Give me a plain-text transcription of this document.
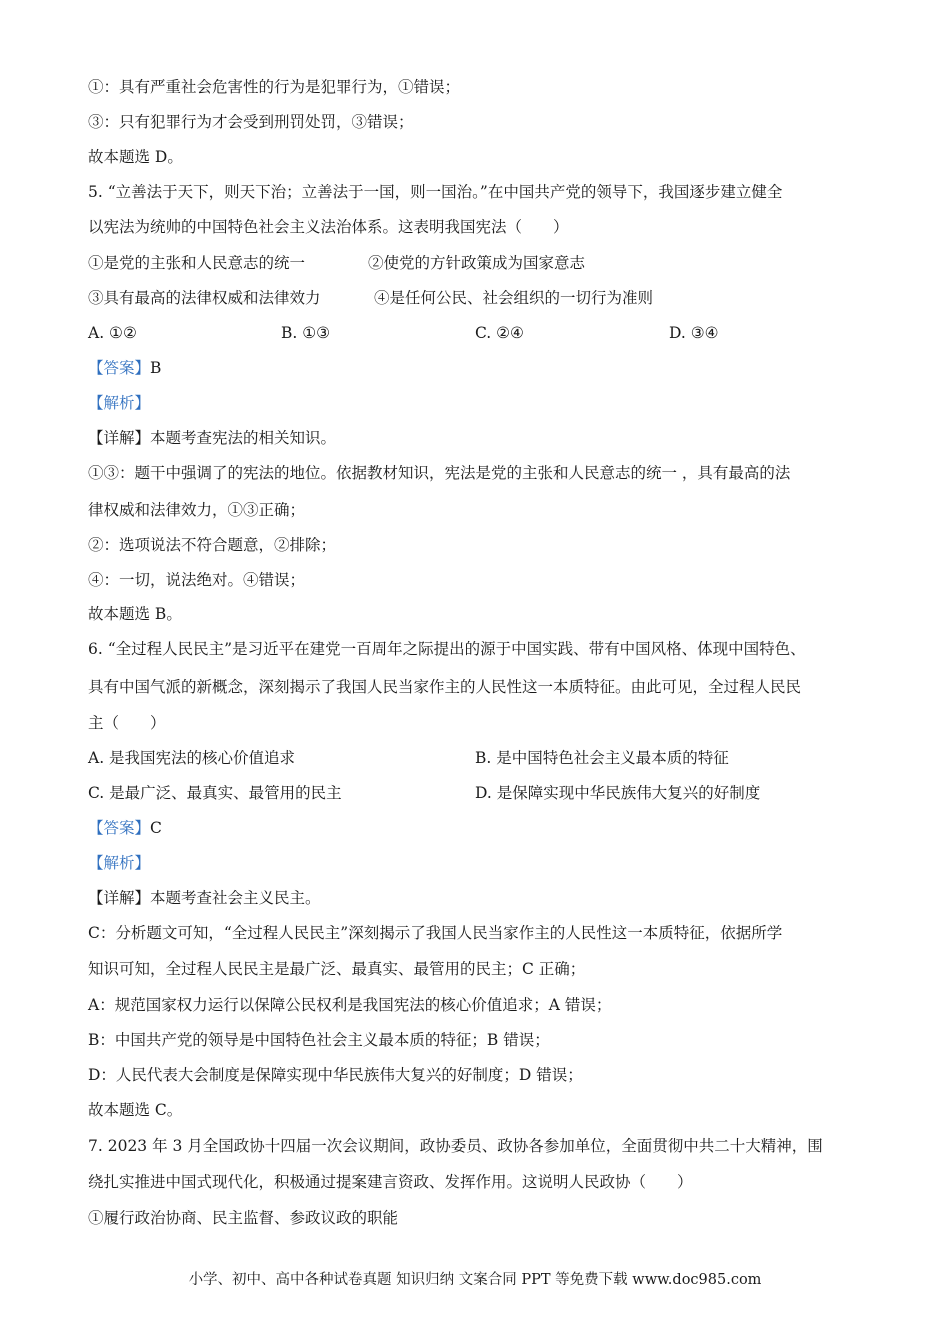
①：具有严重社会危害性的行为是犯罪行为，①错误；
③：只有犯罪行为才会受到刑罚处罚，③错误；
故本题选 D。
5. “立善法于天下，则天下治；立善法于一国，则一国治。”在中国共产党的领导下，我国逐步建立健全
以宪法为统帅的中国特色社会主义法治体系。这表明我国宪法（　　）
①是党的主张和人民意志的统一	②使党的方针政策成为国家意志
③具有最高的法律权威和法律效力	④是任何公民、社会组织的一切行为准则
A. ①②	B. ①③	C. ②④	D. ③④
【答案】B
【解析】
【详解】本题考查宪法的相关知识。
①③：题干中强调了的宪法的地位。依据教材知识，宪法是党的主张和人民意志的统一 ，具有最高的法
律权威和法律效力，①③正确；
②：选项说法不符合题意，②排除；
④：一切，说法绝对。④错误；
故本题选 B。
6. “全过程人民民主”是习近平在建党一百周年之际提出的源于中国实践、带有中国风格、体现中国特色、
具有中国气派的新概念，深刻揭示了我国人民当家作主的人民性这一本质特征。由此可见，全过程人民民
主（　　）
A. 是我国宪法的核心价值追求	B. 是中国特色社会主义最本质的特征
C. 是最广泛、最真实、最管用的民主	D. 是保障实现中华民族伟大复兴的好制度
【答案】C
【解析】
【详解】本题考查社会主义民主。
C：分析题文可知，“全过程人民民主”深刻揭示了我国人民当家作主的人民性这一本质特征，依据所学
知识可知，全过程人民民主是最广泛、最真实、最管用的民主；C 正确；
A：规范国家权力运行以保障公民权利是我国宪法的核心价值追求；A 错误；
B：中国共产党的领导是中国特色社会主义最本质的特征；B 错误；
D：人民代表大会制度是保障实现中华民族伟大复兴的好制度；D 错误；
故本题选 C。
7. 2023 年 3 月全国政协十四届一次会议期间，政协委员、政协各参加单位，全面贯彻中共二十大精神，围
绕扎实推进中国式现代化，积极通过提案建言资政、发挥作用。这说明人民政协（　　）
①履行政治协商、民主监督、参政议政的职能
小学、初中、高中各种试卷真题 知识归纳 文案合同 PPT 等免费下载 www.doc985.com
